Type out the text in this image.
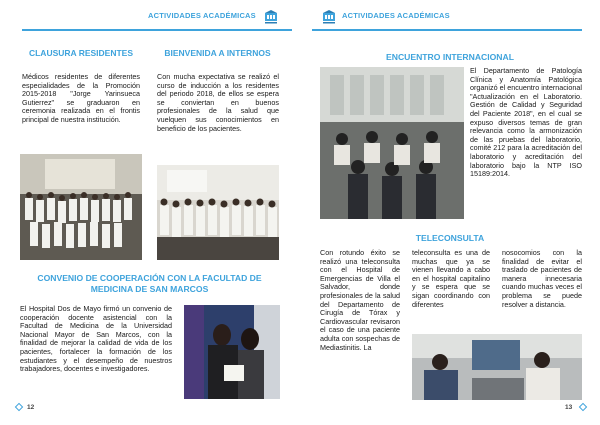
ACTIVIDADES ACADÉMICAS
CLAUSURA RESIDENTES
Médicos residentes de diferentes especialidades de la Promoción 2015-2018 "Jorge Yarinsueca Gutierrez" se graduaron en ceremonia realizada en el frontis principal de nuestra institución.
BIENVENIDA A INTERNOS
Con mucha expectativa se realizó el curso de inducción a los residentes del periodo 2018, de ellos se espera se conviertan en buenos profesionales de la salud que vuelquen sus conocimientos en beneficio de los pacientes.
CONVENIO DE COOPERACIÓN CON LA FACULTAD DE MEDICINA DE SAN MARCOS
El Hospital Dos de Mayo firmó un convenio de cooperación docente asistencial con la Facultad de Medicina de la Universidad Nacional Mayor de San Marcos, con la finalidad de mejorar la calidad de vida de los pacientes, fortalecer la formación de los estudiantes y el desempeño de nuestros trabajadores, docentes e investigadores.
12
ACTIVIDADES ACADÉMICAS
ENCUENTRO INTERNACIONAL
El Departamento de Patología Clínica y Anatomía Patológica organizó el encuentro internacional "Actualización en el Laboratorio. Gestión de Calidad y Seguridad del Paciente 2018", en el cual se expuso diversos temas de gran relevancia como la armonización de las pruebas del laboratorio, comité 212 para la acreditación del laboratorio y acreditación del laboratorio bajo la NTP ISO 15189:2014.
TELECONSULTA
Con rotundo éxito se realizó una teleconsulta con el Hospital de Emergencias de Villa el Salvador, donde profesionales de la salud del Departamento de Cirugía de Tórax y Cardiovascular revisaron el caso de una paciente adulta con sospechas de Mediastinitis. La
teleconsulta es una de muchas que ya se vienen llevando a cabo en el hospital capitalino y se espera que se sigan coordinando con diferentes
nosocomios con la finalidad de evitar el traslado de pacientes de manera innecesaria cuando muchas veces el problema se puede resolver a distancia.
13
